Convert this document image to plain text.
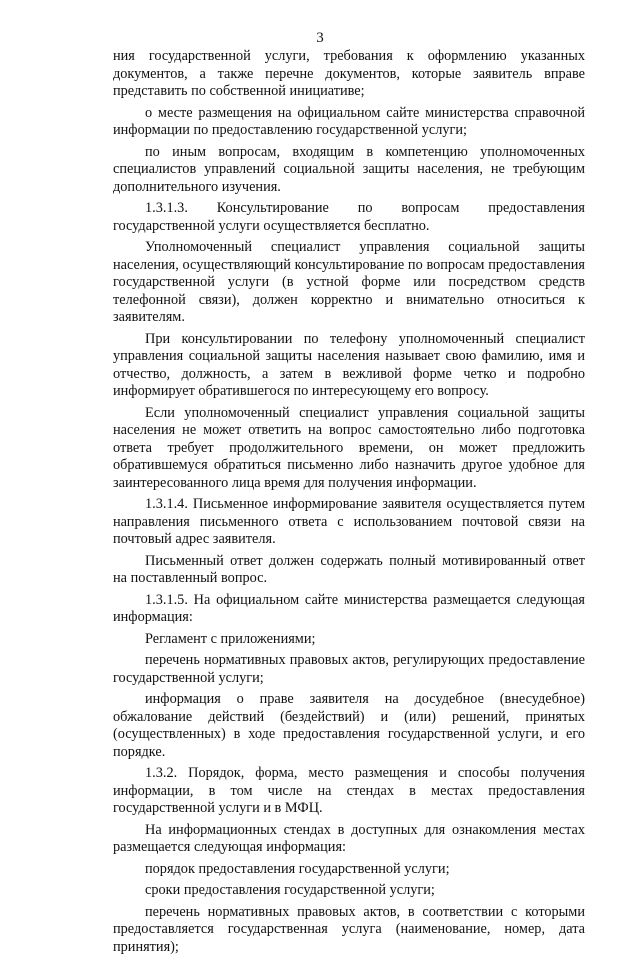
3

ния государственной услуги, требования к оформлению указанных документов, а также перечне документов, которые заявитель вправе представить по собственной инициативе;

о месте размещения на официальном сайте министерства справочной информации по предоставлению государственной услуги;

по иным вопросам, входящим в компетенцию уполномоченных специалистов управлений социальной защиты населения, не требующим дополнительного изучения.

1.3.1.3. Консультирование по вопросам предоставления государственной услуги осуществляется бесплатно.

Уполномоченный специалист управления социальной защиты населения, осуществляющий консультирование по вопросам предоставления государственной услуги (в устной форме или посредством средств телефонной связи), должен корректно и внимательно относиться к заявителям.

При консультировании по телефону уполномоченный специалист управления социальной защиты населения называет свою фамилию, имя и отчество, должность, а затем в вежливой форме четко и подробно информирует обратившегося по интересующему его вопросу.

Если уполномоченный специалист управления социальной защиты населения не может ответить на вопрос самостоятельно либо подготовка ответа требует продолжительного времени, он может предложить обратившемуся обратиться письменно либо назначить другое удобное для заинтересованного лица время для получения информации.

1.3.1.4. Письменное информирование заявителя осуществляется путем направления письменного ответа с использованием почтовой связи на почтовый адрес заявителя.

Письменный ответ должен содержать полный мотивированный ответ на поставленный вопрос.

1.3.1.5. На официальном сайте министерства размещается следующая информация:

Регламент с приложениями;

перечень нормативных правовых актов, регулирующих предоставление государственной услуги;

информация о праве заявителя на досудебное (внесудебное) обжалование действий (бездействий) и (или) решений, принятых (осуществленных) в ходе предоставления государственной услуги, и его порядке.

1.3.2. Порядок, форма, место размещения и способы получения информации, в том числе на стендах в местах предоставления государственной услуги и в МФЦ.

На информационных стендах в доступных для ознакомления местах размещается следующая информация:

порядок предоставления государственной услуги;

сроки предоставления государственной услуги;

перечень нормативных правовых актов, в соответствии с которыми предоставляется государственная услуга (наименование, номер, дата принятия);
